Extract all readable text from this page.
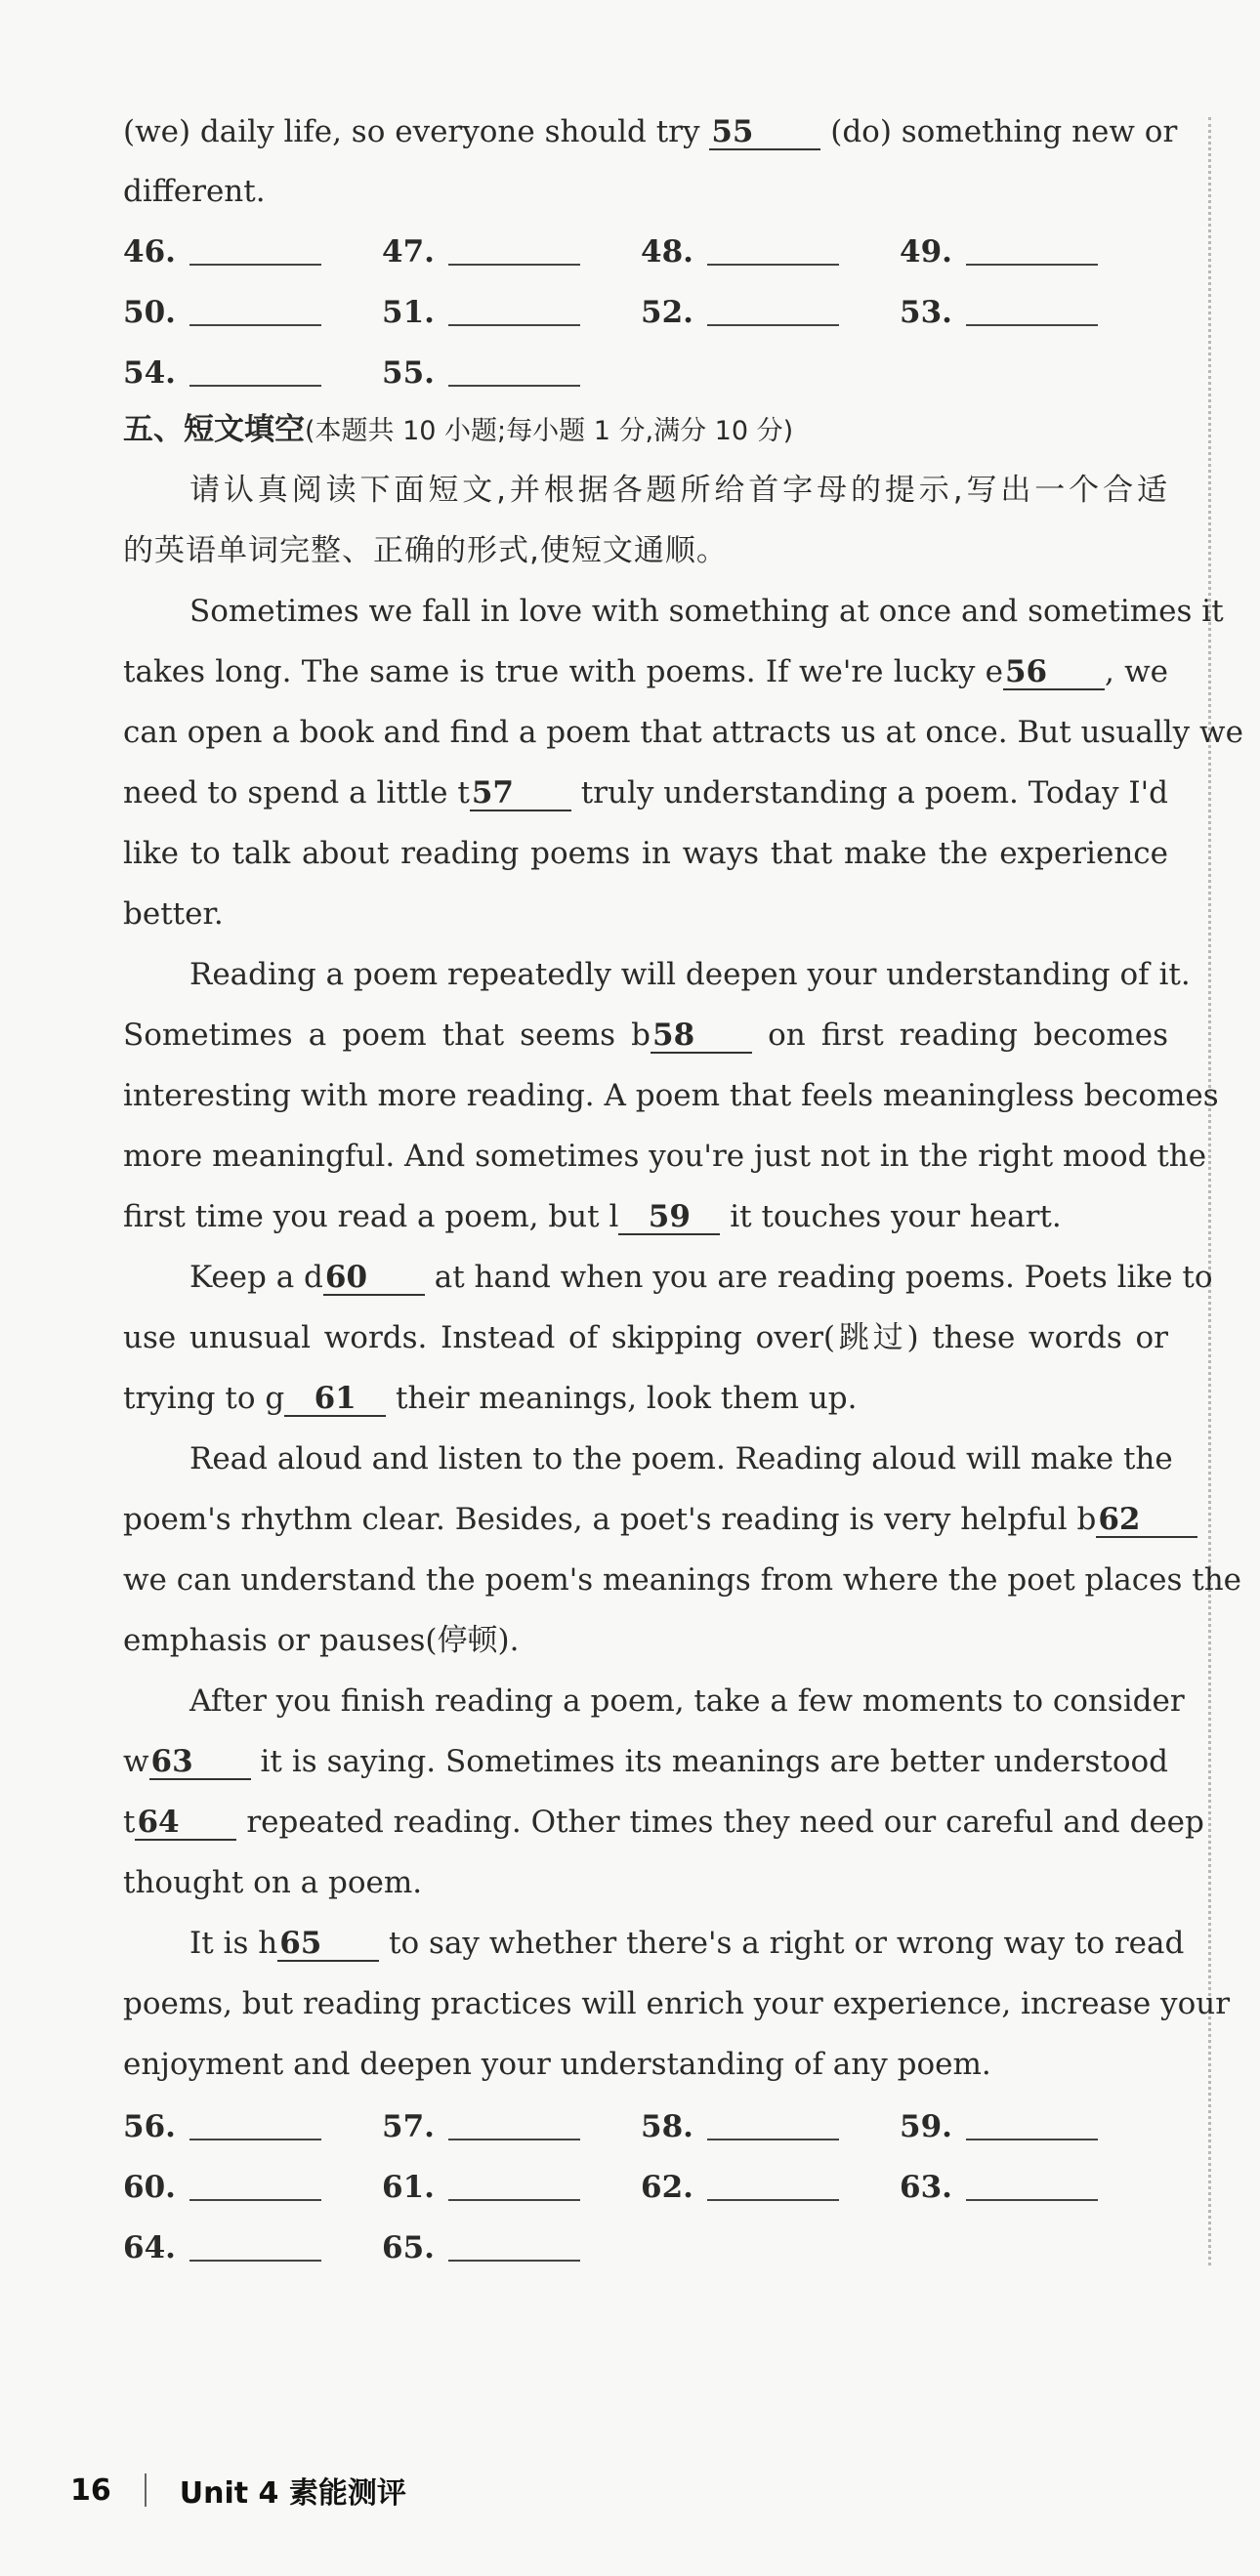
(we) daily life, so everyone should try 55	(do) something new or
different.
46.	47.	48.	49.
50.	51.	52.	53.
54.	55.
五、短文填空(本题共 10 小题;每小题 1 分,满分 10 分)
请认真阅读下面短文,并根据各题所给首字母的提示,写出一个合适
的英语单词完整、正确的形式,使短文通顺。
Sometimes we fall in love with something at once and sometimes it
takes long. The same is true with poems. If we're lucky e56 , we
can open a book and find a poem that attracts us at once. But usually we
need to spend a little t57 truly understanding a poem. Today I'd
like to talk about reading poems in ways that make the experience
better.
Reading a poem repeatedly will deepen your understanding of it.
Sometimes a poem that seems b58 on first reading becomes
interesting with more reading. A poem that feels meaningless becomes
more meaningful. And sometimes you're just not in the right mood the
first time you read a poem, but l 59 it touches your heart.
Keep a d60 at hand when you are reading poems. Poets like to
use unusual words. Instead of skipping over(跳过) these words or
trying to g 61 their meanings, look them up.
Read aloud and listen to the poem. Reading aloud will make the
poem's rhythm clear. Besides, a poet's reading is very helpful b62
we can understand the poem's meanings from where the poet places the
emphasis or pauses(停顿).
After you finish reading a poem, take a few moments to consider
w63 it is saying. Sometimes its meanings are better understood
t64 repeated reading. Other times they need our careful and deep
thought on a poem.
It is h65 to say whether there's a right or wrong way to read
poems, but reading practices will enrich your experience, increase your
enjoyment and deepen your understanding of any poem.
56.	57.	58.	59.
60.	61.	62.	63.
64.	65.
16 Unit 4 素能测评
